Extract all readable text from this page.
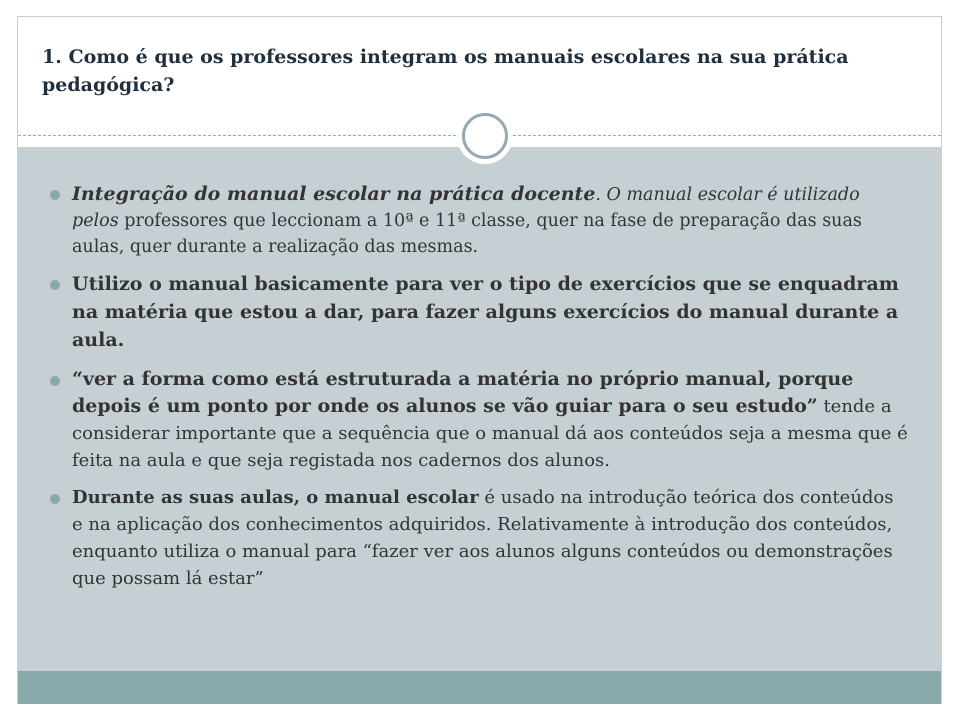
1. Como é que os professores integram os manuais escolares na sua prática pedagógica?
Integração do manual escolar na prática docente. O manual escolar é utilizado pelos professores que leccionam a 10ª e 11ª classe, quer na fase de preparação das suas aulas, quer durante a realização das mesmas.
Utilizo o manual basicamente para ver o tipo de exercícios que se enquadram na matéria que estou a dar, para fazer alguns exercícios do manual durante a aula.
“ver a forma como está estruturada a matéria no próprio manual, porque depois é um ponto por onde os alunos se vão guiar para o seu estudo” tende a considerar importante que a sequência que o manual dá aos conteúdos seja a mesma que é feita na aula e que seja registada nos cadernos dos alunos.
Durante as suas aulas, o manual escolar é usado na introdução teórica dos conteúdos e na aplicação dos conhecimentos adquiridos. Relativamente à introdução dos conteúdos, enquanto utiliza o manual para “fazer ver aos alunos alguns conteúdos ou demonstrações que possam lá estar”
